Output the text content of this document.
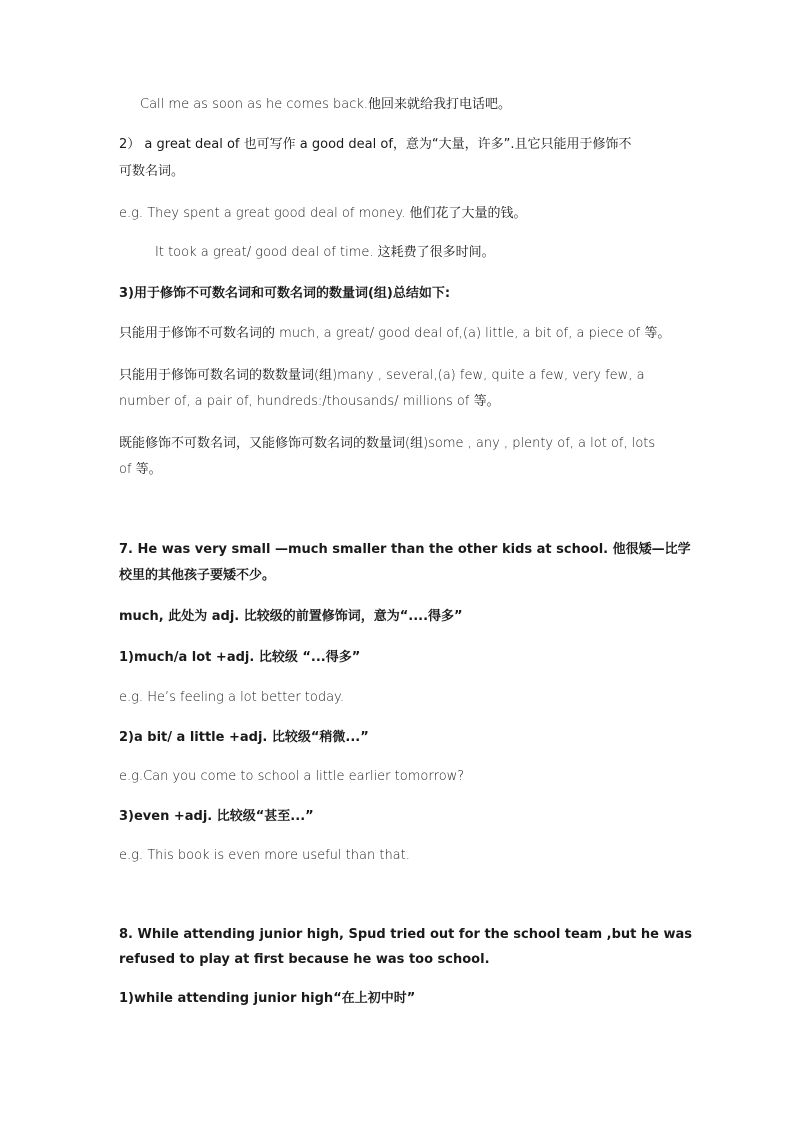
Call me as soon as he comes back.他回来就给我打电话吧。
2） a great deal of 也可写作 a good deal of，意为“大量，许多”.且它只能用于修饰不
可数名词。
e.g. They spent a great good deal of money. 他们花了大量的钱。
It took a great/ good deal of time. 这耗费了很多时间。
3)用于修饰不可数名词和可数名词的数量词(组)总结如下:
只能用于修饰不可数名词的 much, a great/ good deal of,(a) little, a bit of, a piece of 等。
只能用于修饰可数名词的数数量词(组)many , several,(a) few, quite a few, very few, a
number of, a pair of, hundreds:/thousands/ millions of 等。
既能修饰不可数名词，又能修饰可数名词的数量词(组)some , any , plenty of, a lot of, lots
of 等。
7. He was very small —much smaller than the other kids at school. 他很矮—比学
校里的其他孩子要矮不少。
much, 此处为 adj. 比较级的前置修饰词，意为“....得多”
1)much/a lot +adj. 比较级 “...得多”
e.g. He’s feeling a lot better today.
2)a bit/ a little +adj. 比较级“稍微...”
e.g.Can you come to school a little earlier tomorrow?
3)even +adj. 比较级“甚至...”
e.g. This book is even more useful than that.
8. While attending junior high, Spud tried out for the school team ,but he was
refused to play at first because he was too school.
1)while attending junior high“在上初中时”
